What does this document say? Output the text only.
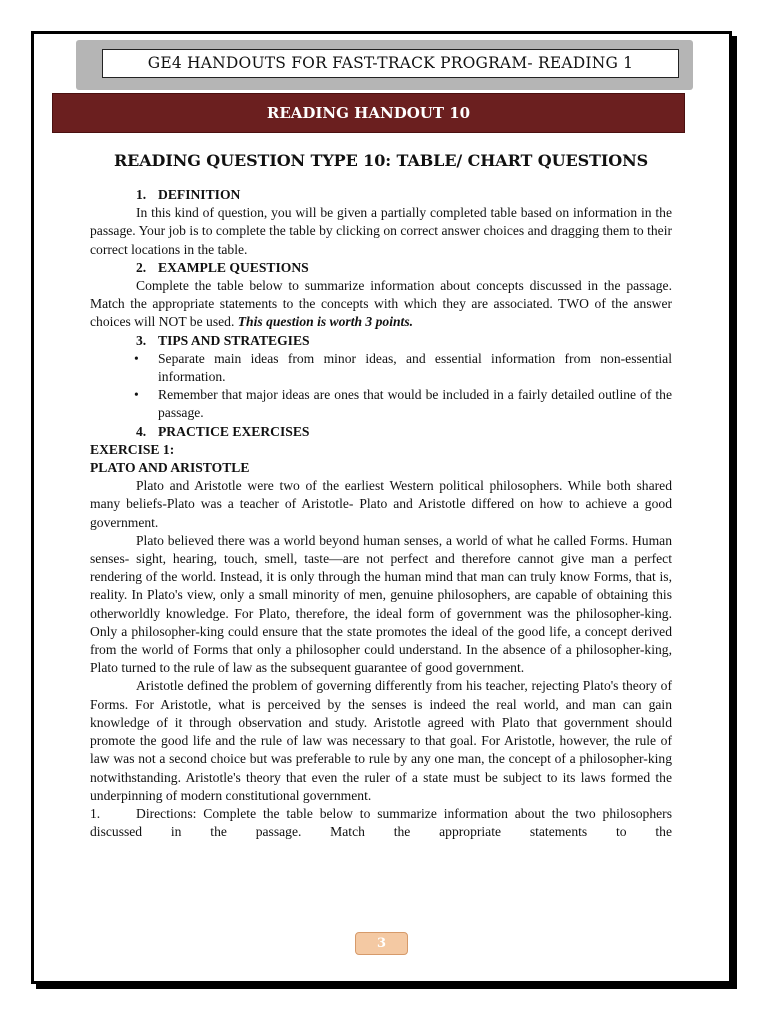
GE4 HANDOUTS FOR FAST-TRACK PROGRAM- READING 1
READING HANDOUT 10
READING QUESTION TYPE 10: TABLE/ CHART QUESTIONS
1. DEFINITION

In this kind of question, you will be given a partially completed table based on information in the passage. Your job is to complete the table by clicking on correct answer choices and dragging them to their correct locations in the table.

2. EXAMPLE QUESTIONS

Complete the table below to summarize information about concepts discussed in the passage. Match the appropriate statements to the concepts with which they are associated. TWO of the answer choices will NOT be used. This question is worth 3 points.

3. TIPS AND STRATEGIES
• Separate main ideas from minor ideas, and essential information from non-essential information.
• Remember that major ideas are ones that would be included in a fairly detailed outline of the passage.
4. PRACTICE EXERCISES
EXERCISE 1:
PLATO AND ARISTOTLE

Plato and Aristotle were two of the earliest Western political philosophers. While both shared many beliefs-Plato was a teacher of Aristotle- Plato and Aristotle differed on how to achieve a good government.

Plato believed there was a world beyond human senses, a world of what he called Forms. Human senses- sight, hearing, touch, smell, taste—are not perfect and therefore cannot give man a perfect rendering of the world. Instead, it is only through the human mind that man can truly know Forms, that is, reality. In Plato's view, only a small minority of men, genuine philosophers, are capable of obtaining this otherworldly knowledge. For Plato, therefore, the ideal form of government was the philosopher-king. Only a philosopher-king could ensure that the state promotes the ideal of the good life, a concept derived from the world of Forms that only a philosopher could understand. In the absence of a philosopher-king, Plato turned to the rule of law as the subsequent guarantee of good government.

Aristotle defined the problem of governing differently from his teacher, rejecting Plato's theory of Forms. For Aristotle, what is perceived by the senses is indeed the real world, and man can gain knowledge of it through observation and study. Aristotle agreed with Plato that government should promote the good life and the rule of law was necessary to that goal. For Aristotle, however, the rule of law was not a second choice but was preferable to rule by any one man, the concept of a philosopher-king notwithstanding. Aristotle's theory that even the ruler of a state must be subject to its laws formed the underpinning of modern constitutional government.

1.	Directions: Complete the table below to summarize information about the two philosophers discussed in the passage. Match the appropriate statements to the

3
